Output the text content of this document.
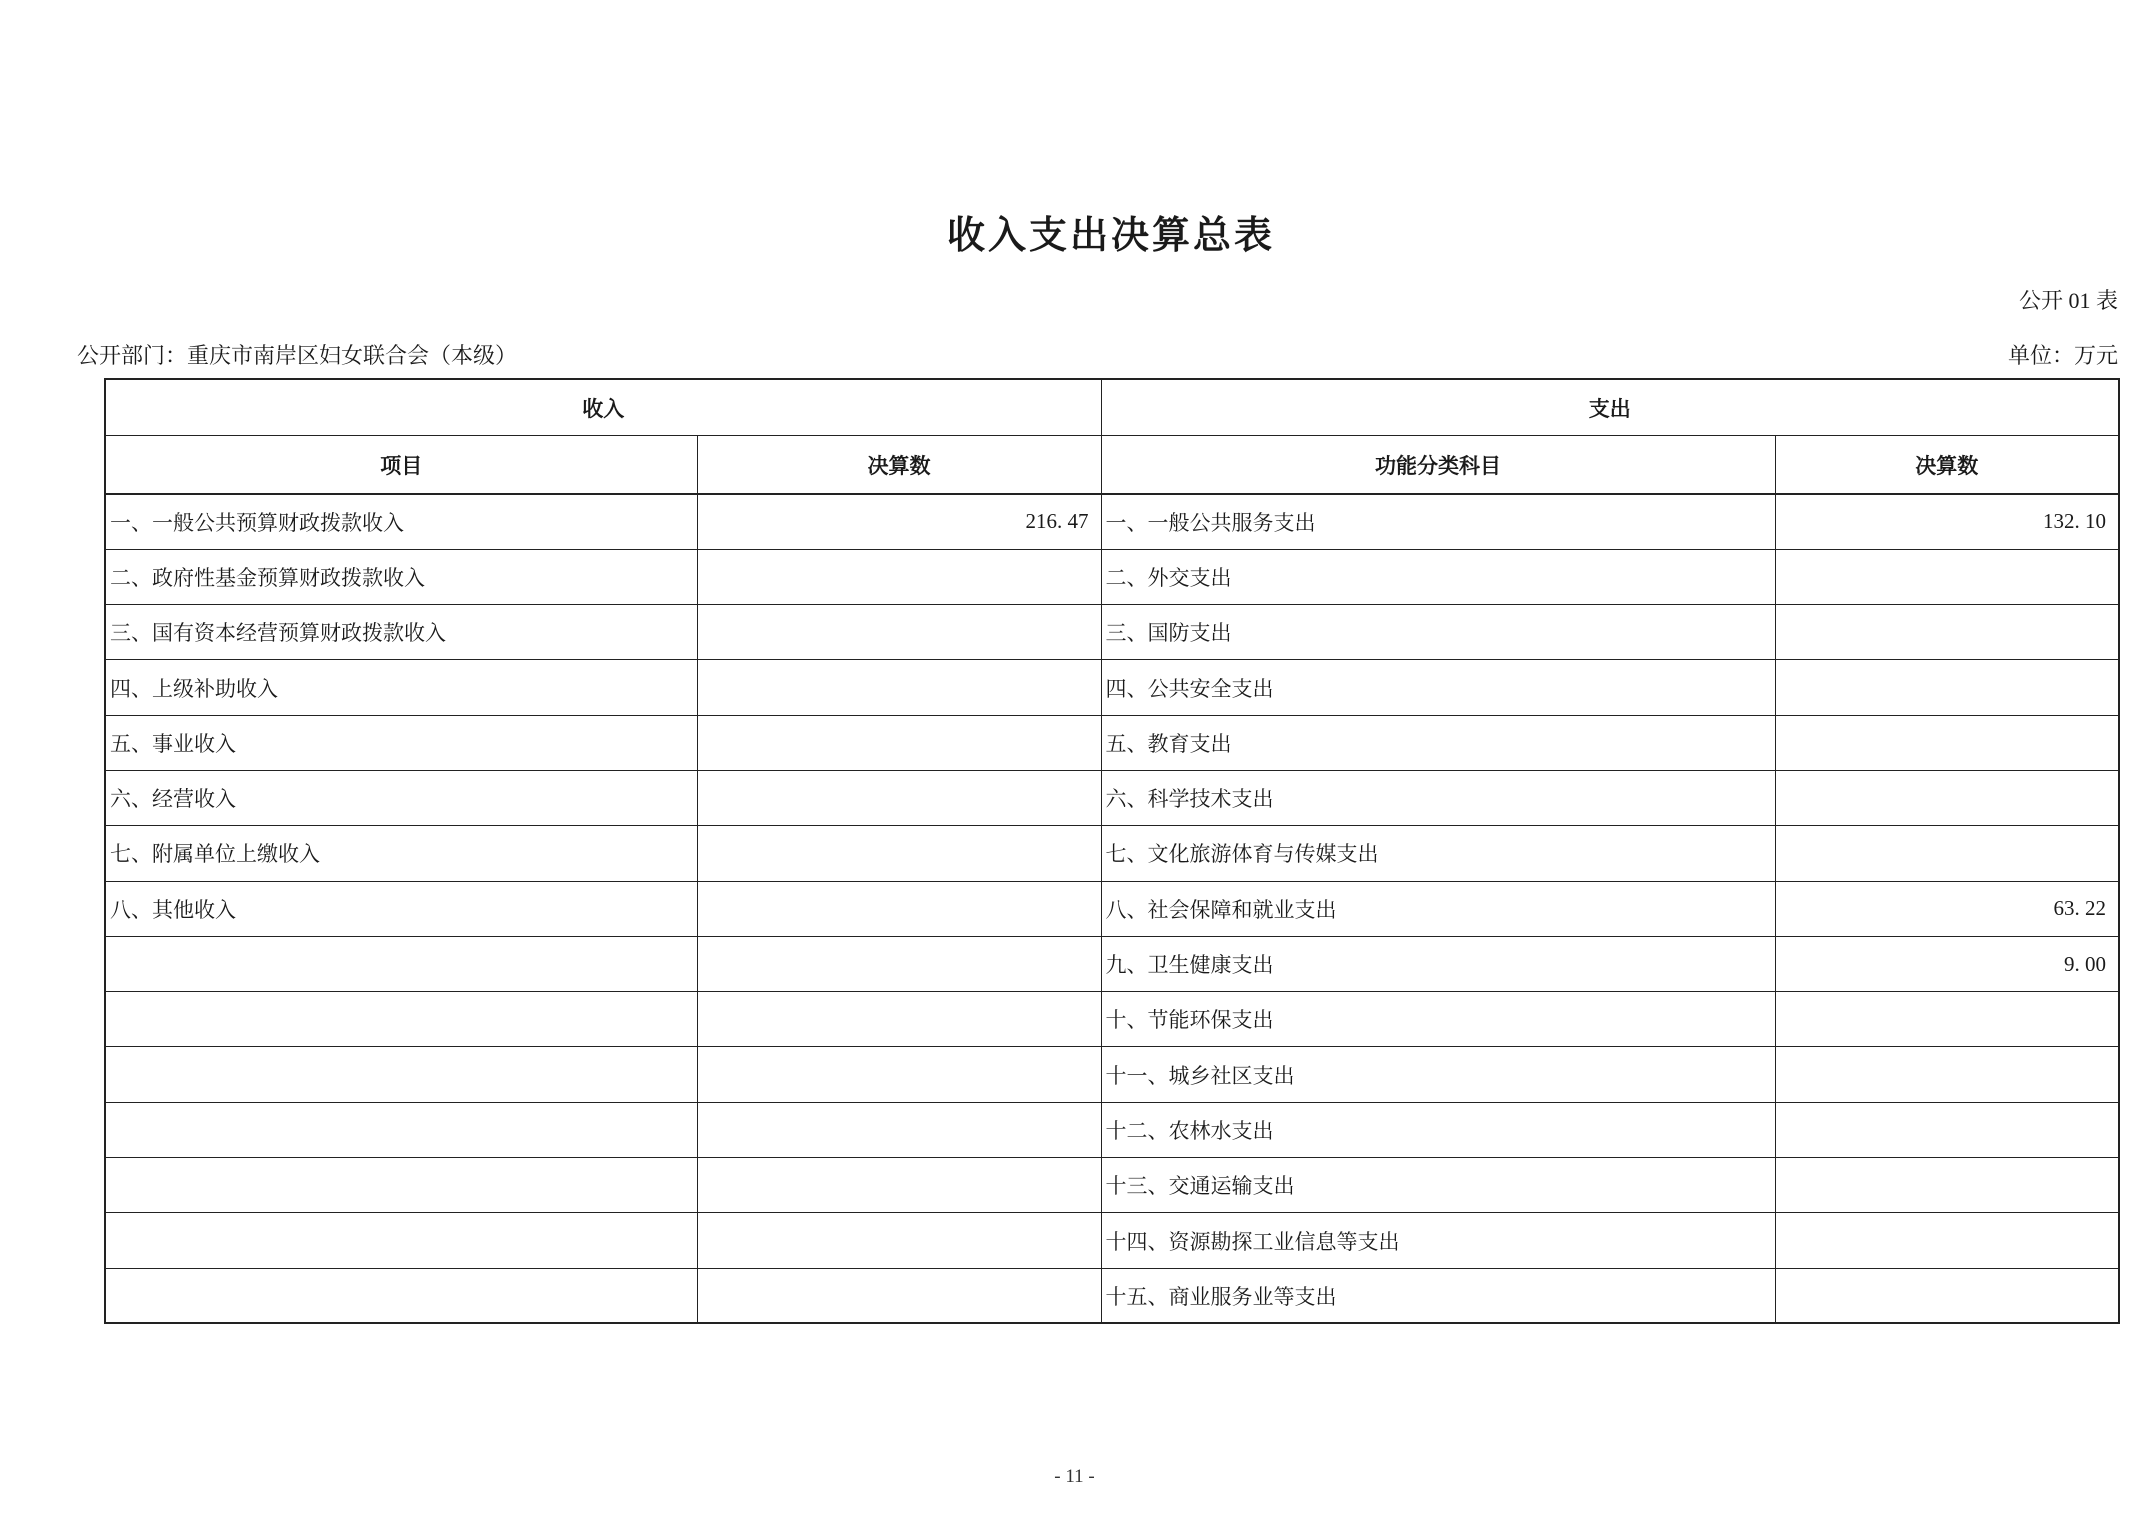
收入支出决算总表
公开 01 表
公开部门：重庆市南岸区妇女联合会（本级）	单位：万元
收入		支出	
项目	决算数	功能分类科目	决算数
一、一般公共预算财政拨款收入	216. 47	一、一般公共服务支出	132. 10
二、政府性基金预算财政拨款收入		二、外交支出	
三、国有资本经营预算财政拨款收入		三、国防支出	
四、上级补助收入		四、公共安全支出	
五、事业收入		五、教育支出	
六、经营收入		六、科学技术支出	
七、附属单位上缴收入		七、文化旅游体育与传媒支出	
八、其他收入		八、社会保障和就业支出	63. 22
		九、卫生健康支出	9. 00
		十、节能环保支出	
		十一、城乡社区支出	
		十二、农林水支出	
		十三、交通运输支出	
		十四、资源勘探工业信息等支出	
		十五、商业服务业等支出	
- 11 -
